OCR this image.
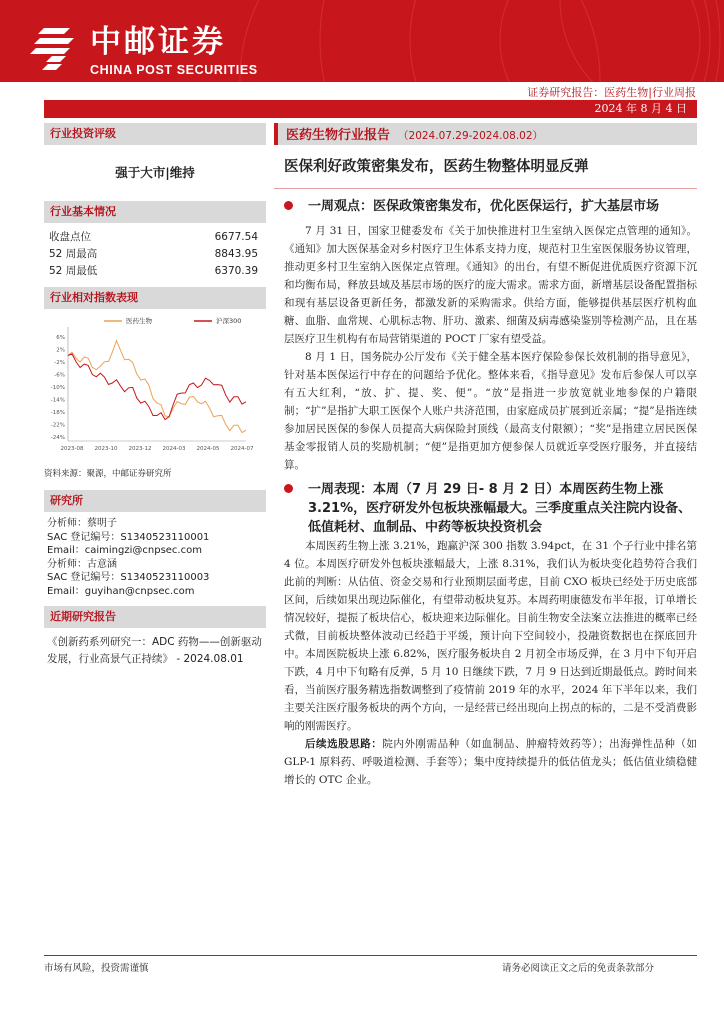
中邮证券
CHINA POST SECURITIES
证券研究报告：医药生物|行业周报
2024 年 8 月 4 日
行业投资评级
强于大市|维持
行业基本情况
收盘点位	6677.54
52 周最高	8843.95
52 周最低	6370.39
行业相对指数表现
6%
2%
-2%
-6%
-10%
-14%
-18%
-22%
-24%
2023-08 2023-10 2023-12 2024-03 2024-05 2024-07
医药生物	沪深300
资料来源：聚源，中邮证券研究所
研究所
分析师：蔡明子
SAC 登记编号：S1340523110001
Email：caimingzi@cnpsec.com
分析师：古意涵
SAC 登记编号：S1340523110003
Email：guyihan@cnpsec.com
近期研究报告
《创新药系列研究一：ADC 药物——创新驱动发展，行业高景气正持续》 - 2024.08.01
医药生物行业报告 （2024.07.29-2024.08.02）
医保利好政策密集发布，医药生物整体明显反弹
一周观点：医保政策密集发布，优化医保运行，扩大基层市场

7 月 31 日，国家卫健委发布《关于加快推进村卫生室纳入医保定点管理的通知》。《通知》加大医保基金对乡村医疗卫生体系支持力度，规范村卫生室医保服务协议管理，推动更多村卫生室纳入医保定点管理。《通知》的出台，有望不断促进优质医疗资源下沉和均衡布局，释放县域及基层市场的医疗的庞大需求。需求方面，新增基层设备配置指标和现有基层设备更新任务，都激发新的采购需求。供给方面，能够提供基层医疗机构血糖、血脂、血常规、心肌标志物、肝功、激素、细菌及病毒感染鉴别等检测产品，且在基层医疗卫生机构有布局营销渠道的 POCT 厂家有望受益。

8 月 1 日，国务院办公厅发布《关于健全基本医疗保险参保长效机制的指导意见》，针对基本医保运行中存在的问题给予优化。整体来看，《指导意见》发布后参保人可以享有五大红利，“放、扩、提、奖、便”。“放”是指进一步放宽就业地参保的户籍限制；“扩”是指扩大职工医保个人账户共济范围，由家庭成员扩展到近亲属；“提”是指连续参加居民医保的参保人员提高大病保险封顶线（最高支付限额）；“奖”是指建立居民医保基金零报销人员的奖励机制；“便”是指更加方便参保人员就近享受医疗服务，并直接结算。

一周表现：本周（7 月 29 日- 8 月 2 日）本周医药生物上涨 3.21%，医疗研发外包板块涨幅最大。三季度重点关注院内设备、低值耗材、血制品、中药等板块投资机会

本周医药生物上涨 3.21%，跑赢沪深 300 指数 3.94pct，在 31 个子行业中排名第 4 位。本周医疗研发外包板块涨幅最大，上涨 8.31%，我们认为板块变化趋势符合我们此前的判断：从估值、资金交易和行业预期层面考虑，目前 CXO 板块已经处于历史底部区间，后续如果出现边际催化，有望带动板块复苏。本周药明康德发布半年报，订单增长情况较好，提振了板块信心，板块迎来边际催化。目前生物安全法案立法推进的概率已经式微，目前板块整体波动已经趋于平缓，预计向下空间较小，投融资数据也在探底回升中。本周医院板块上涨 6.82%，医疗服务板块自 2 月初全市场反弹，在 3 月中下旬开启下跌，4 月中下旬略有反弹，5 月 10 日继续下跌，7 月 9 日达到近期最低点。跨时间来看，当前医疗服务精选指数调整到了疫情前 2019 年的水平，2024 年下半年以来，我们主要关注医疗服务板块的两个方向，一是经营已经出现向上拐点的标的，二是不受消费影响的刚需医疗。

后续选股思路：院内外刚需品种（如血制品、肿瘤特效药等）；出海弹性品种（如 GLP-1 原料药、呼吸道检测、手套等）；集中度持续提升的低估值龙头；低估值业绩稳健增长的 OTC 企业。

市场有风险，投资需谨慎	请务必阅读正文之后的免责条款部分
